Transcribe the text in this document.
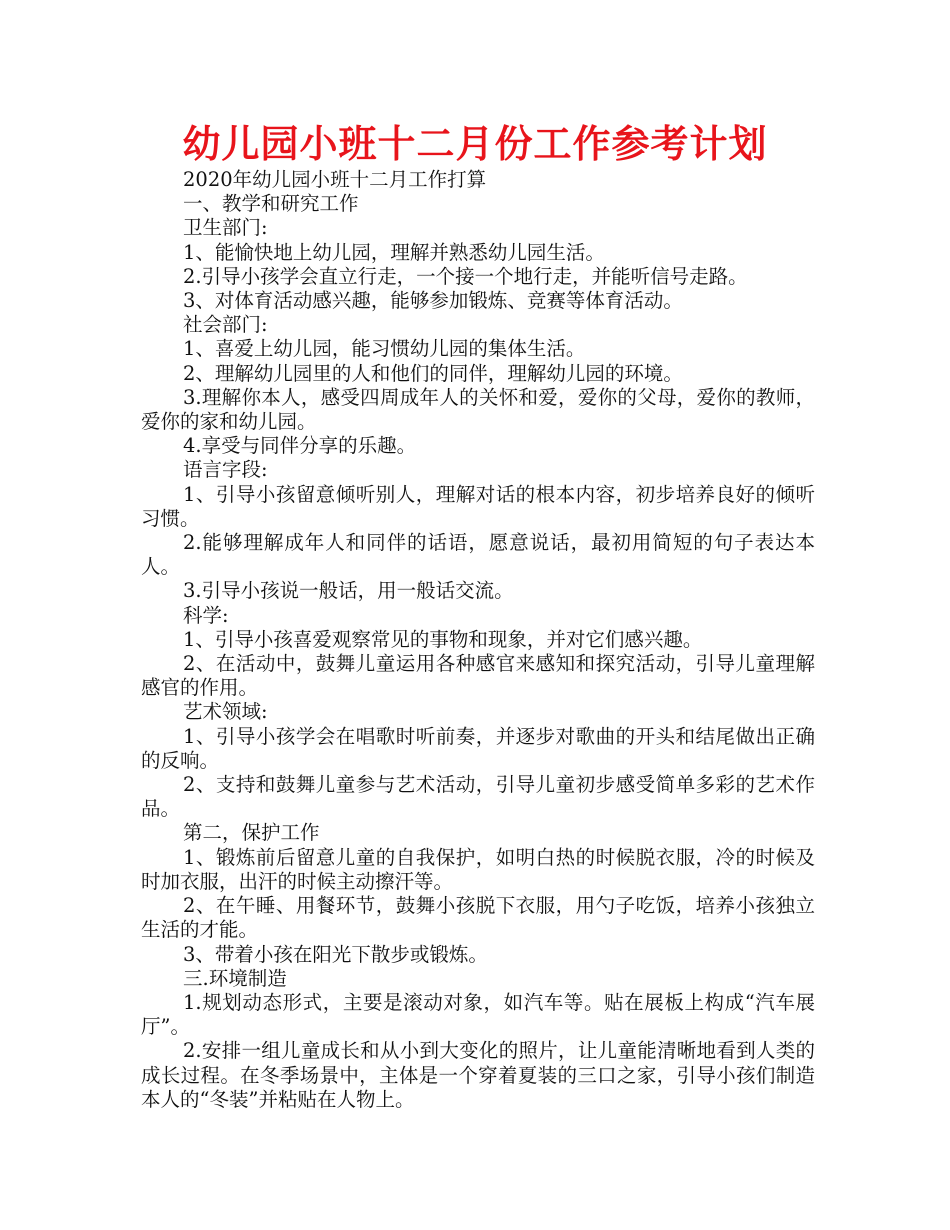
幼儿园小班十二月份工作参考计划

2020年幼儿园小班十二月工作打算

一、教学和研究工作

卫生部门:

1、能愉快地上幼儿园，理解并熟悉幼儿园生活。

2.引导小孩学会直立行走，一个接一个地行走，并能听信号走路。

3、对体育活动感兴趣，能够参加锻炼、竞赛等体育活动。

社会部门:

1、喜爱上幼儿园，能习惯幼儿园的集体生活。

2、理解幼儿园里的人和他们的同伴，理解幼儿园的环境。

3.理解你本人，感受四周成年人的关怀和爱，爱你的父母，爱你的教师，爱你的家和幼儿园。

4.享受与同伴分享的乐趣。

语言字段:

1、引导小孩留意倾听别人，理解对话的根本内容，初步培养良好的倾听习惯。

2.能够理解成年人和同伴的话语，愿意说话，最初用简短的句子表达本人。

3.引导小孩说一般话，用一般话交流。

科学:

1、引导小孩喜爱观察常见的事物和现象，并对它们感兴趣。

2、在活动中，鼓舞儿童运用各种感官来感知和探究活动，引导儿童理解感官的作用。

艺术领域:

1、引导小孩学会在唱歌时听前奏，并逐步对歌曲的开头和结尾做出正确的反响。

2、支持和鼓舞儿童参与艺术活动，引导儿童初步感受简单多彩的艺术作品。

第二，保护工作

1、锻炼前后留意儿童的自我保护，如明白热的时候脱衣服，冷的时候及时加衣服，出汗的时候主动擦汗等。

2、在午睡、用餐环节，鼓舞小孩脱下衣服，用勺子吃饭，培养小孩独立生活的才能。

3、带着小孩在阳光下散步或锻炼。

三.环境制造

1.规划动态形式，主要是滚动对象，如汽车等。贴在展板上构成“汽车展厅”。

2.安排一组儿童成长和从小到大变化的照片，让儿童能清晰地看到人类的成长过程。在冬季场景中，主体是一个穿着夏装的三口之家，引导小孩们制造本人的“冬装”并粘贴在人物上。
